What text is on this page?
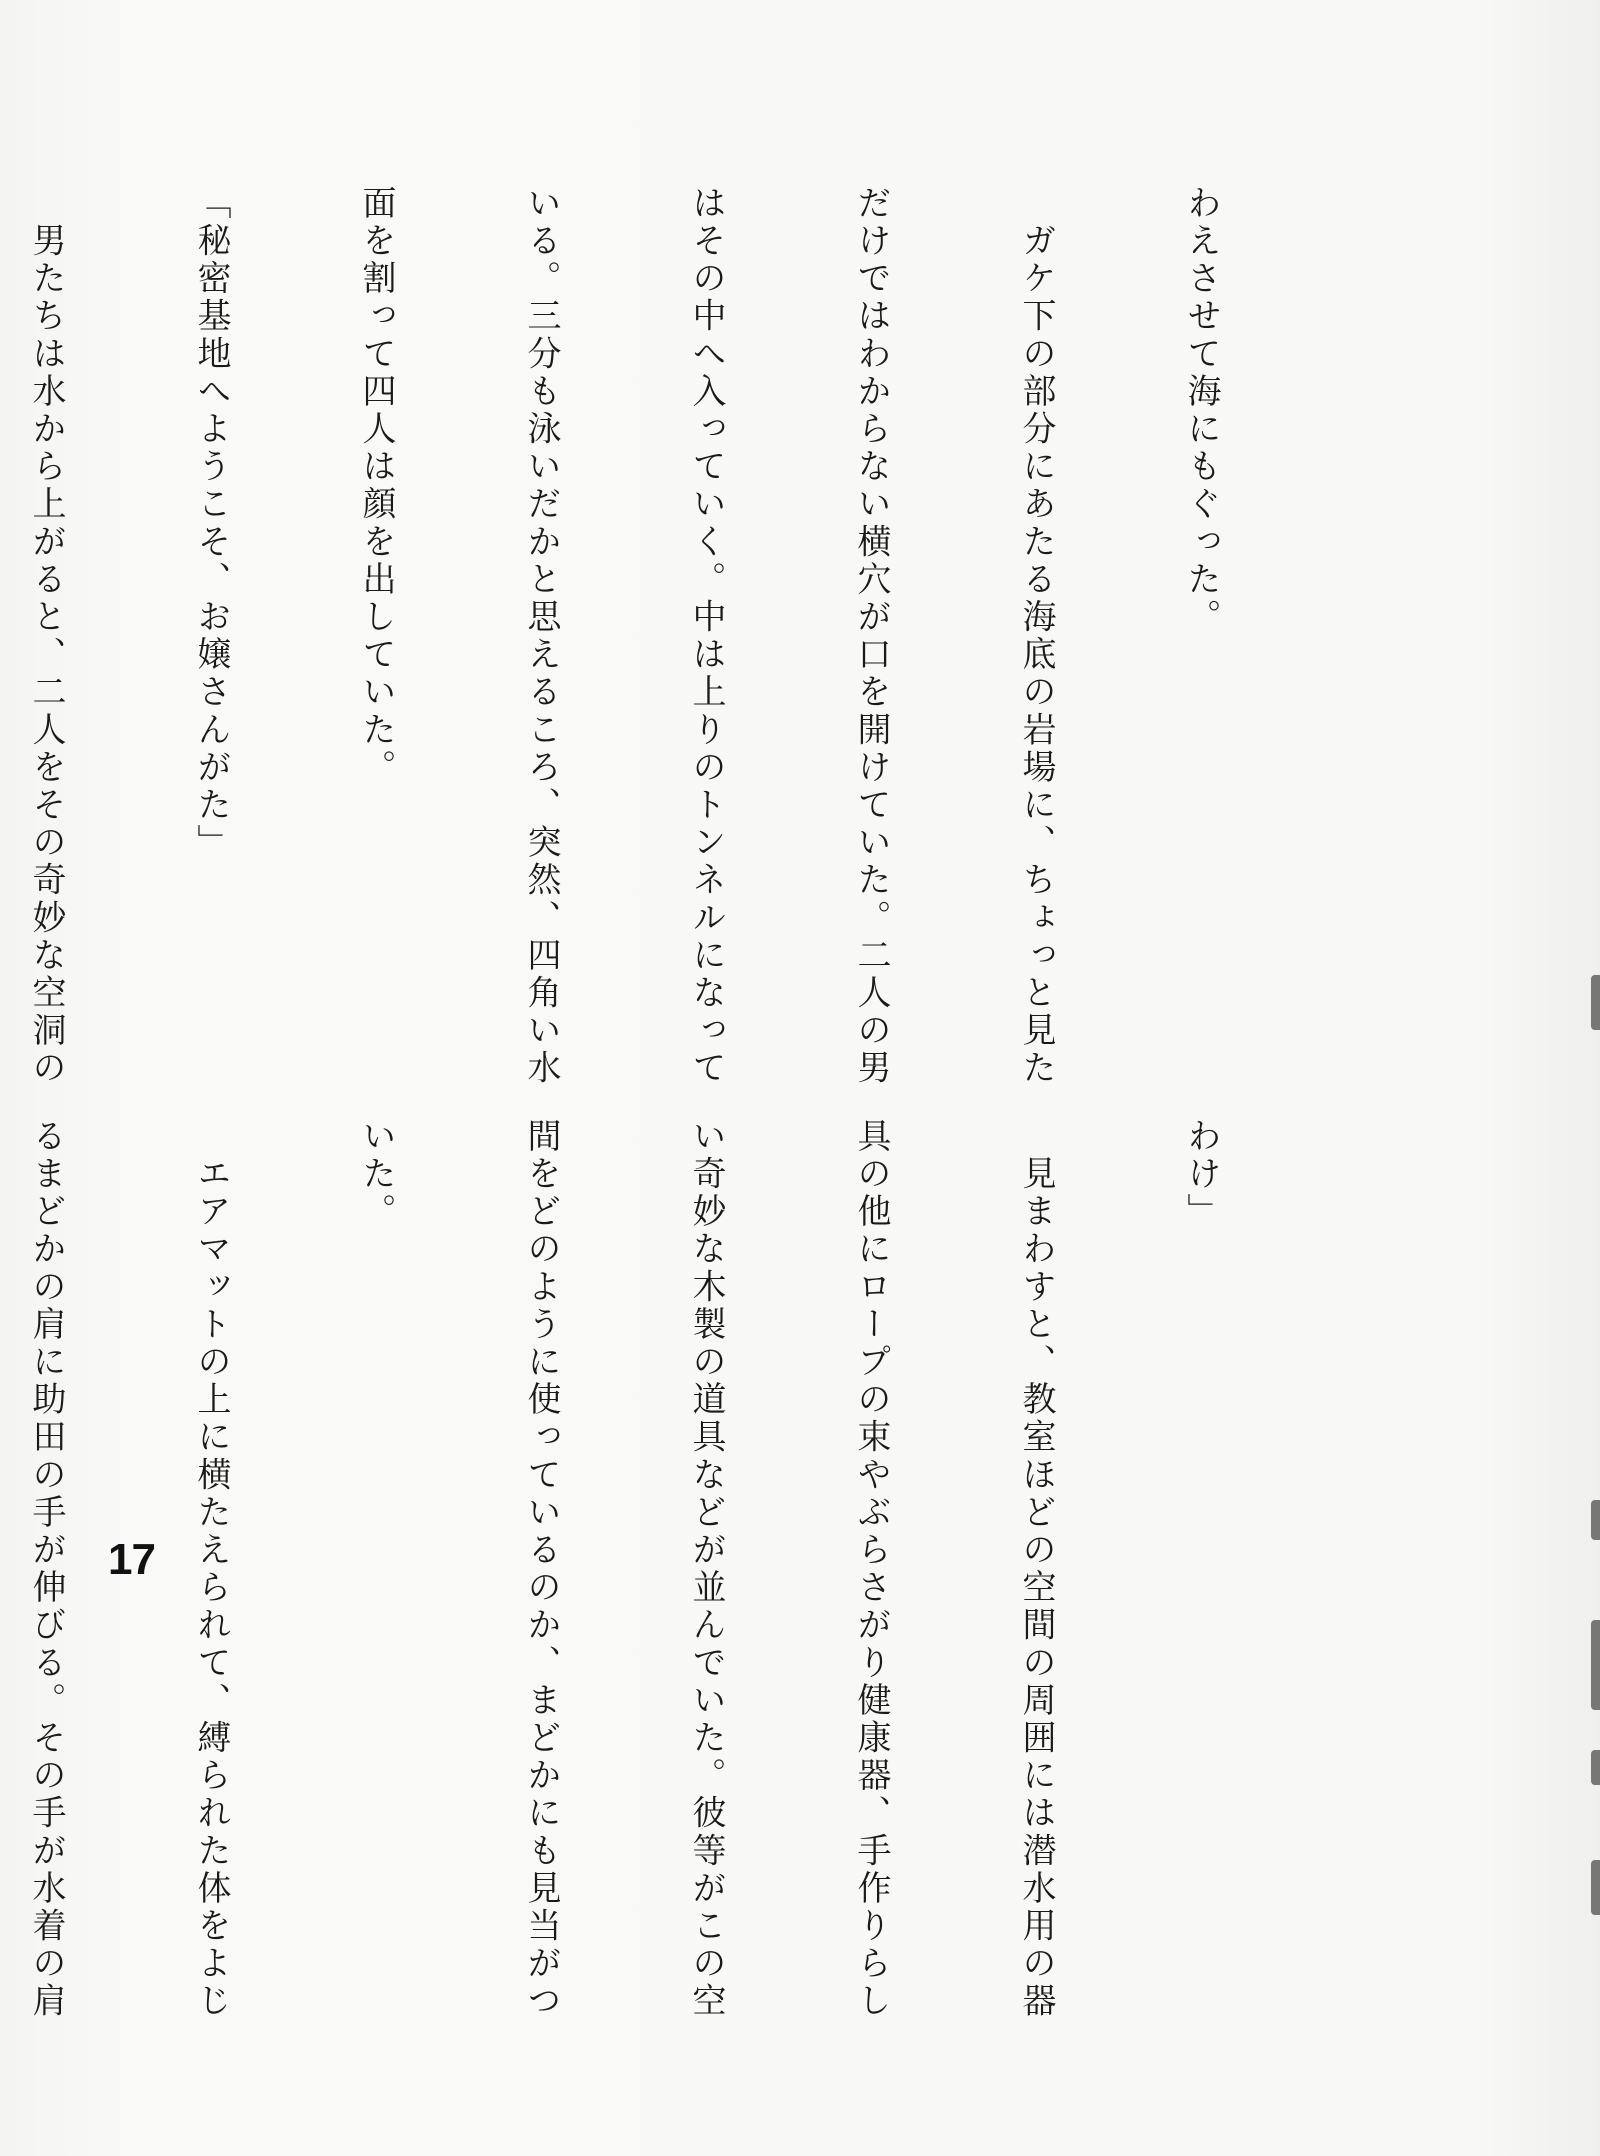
わえさせて海にもぐった。

　ガケ下の部分にあたる海底の岩場に、ちょっと見た

だけではわからない横穴が口を開けていた。二人の男

はその中へ入っていく。中は上りのトンネルになって

いる。三分も泳いだかと思えるころ、突然、四角い水

面を割って四人は顔を出していた。

「秘密基地へようこそ、お嬢さんがた」

　男たちは水から上がると、二人をその奇妙な空洞の

わけ」

　見まわすと、教室ほどの空間の周囲には潜水用の器

具の他にロープの束やぶらさがり健康器、手作りらし

い奇妙な木製の道具などが並んでいた。彼等がこの空

間をどのように使っているのか、まどかにも見当がつ

いた。

　エアマットの上に横たえられて、縛られた体をよじ

るまどかの肩に助田の手が伸びる。その手が水着の肩

17
